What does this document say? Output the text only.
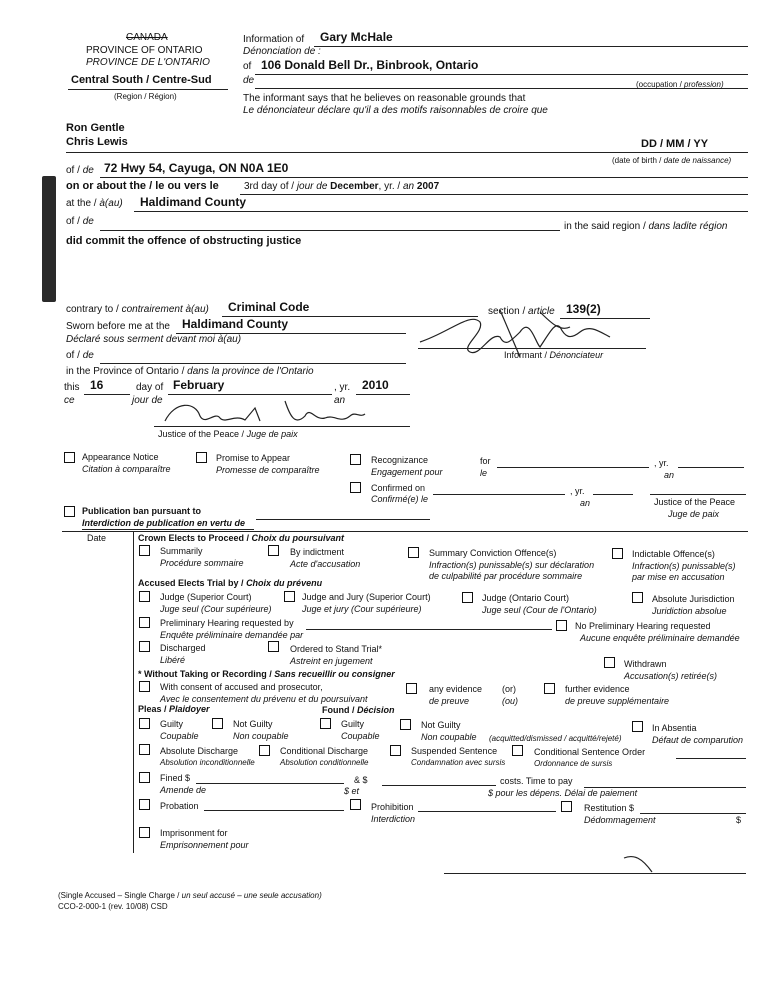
CANADA
PROVINCE OF ONTARIO
PROVINCE DE L'ONTARIO
Central South / Centre-Sud
(Region / Région)
Information of Gary McHale
Dénonciation de :
of 106 Donald Bell Dr., Binbrook, Ontario
de	(occupation / profession)
The informant says that he believes on reasonable grounds that
Le dénonciateur déclare qu'il a des motifs raisonnables de croire que
Ron Gentle
Chris Lewis	DD / MM / YY
(date of birth / date de naissance)
of / de 72 Hwy 54, Cayuga, ON N0A 1E0
on or about the / le ou vers le	3rd day of / jour de December, yr. / an 2007
at the / à(au) Haldimand County
of / de	in the said region / dans ladite région
did commit the offence of obstructing justice
contrary to / contrairement à(au) Criminal Code	section / article 139(2)
Sworn before me at the Haldimand County
Déclaré sous serment devant moi à(au)
of / de
in the Province of Ontario / dans la province de l'Ontario
Informant / Dénonciateur
this
ce
16	day of
jour de
February	, yr.
an
2010
Justice of the Peace / Juge de paix
Appearance Notice
Citation à comparaître
Promise to Appear
Promesse de comparaître
Recognizance
Engagement pour
for
le
, yr.
an
Confirmed on
Confirmé(e) le
, yr.
an	Justice of the Peace
Juge de paix
Publication ban pursuant to
Interdiction de publication en vertu de
Date	Crown Elects to Proceed / Choix du poursuivant
Summarily
Procédure sommaire
By indictment
Acte d'accusation
Summary Conviction Offence(s)
Infraction(s) punissable(s) sur déclaration
de culpabilité par procédure sommaire
Indictable Offence(s)
Infraction(s) punissable(s)
par mise en accusation
Accused Elects Trial by / Choix du prévenu
Judge (Superior Court)
Juge seul (Cour supérieure)
Judge and Jury (Superior Court)
Juge et jury (Cour supérieure)
Judge (Ontario Court)
Juge seul (Cour de l'Ontario)
Absolute Jurisdiction
Juridiction absolue
Preliminary Hearing requested by
Enquête préliminaire demandée par
No Preliminary Hearing requested
Aucune enquête préliminaire demandée
Discharged
Libéré
Ordered to Stand Trial*
Astreint en jugement	Withdrawn
Accusation(s) retirée(s)
* Without Taking or Recording / Sans recueillir ou consigner
With consent of accused and prosecutor,
Avec le consentement du prévenu et du poursuivant
any evidence
de preuve
(or)
(ou)
further evidence
de preuve supplémentaire
Pleas / Plaidoyer	Found / Décision
Guilty
Coupable
Not Guilty
Non coupable
Guilty
Coupable
Not Guilty
Non coupable (acquitted/dismissed / acquitté/rejeté)
In Absentia
Défaut de comparution
Absolute Discharge
Absolution inconditionnelle
Conditional Discharge
Absolution conditionnelle
Suspended Sentence
Condamnation avec sursis
Conditional Sentence Order
Ordonnance de sursis
Fined $
Amende de
& $
$ et
costs. Time to pay
$ pour les dépens. Délai de paiement
Probation	Prohibition
Interdiction
Restitution $
Dédommagement	$
Imprisonment for
Emprisonnement pour
(Single Accused – Single Charge / un seul accusé – une seule accusation)
CCO-2-000-1 (rev. 10/08) CSD
